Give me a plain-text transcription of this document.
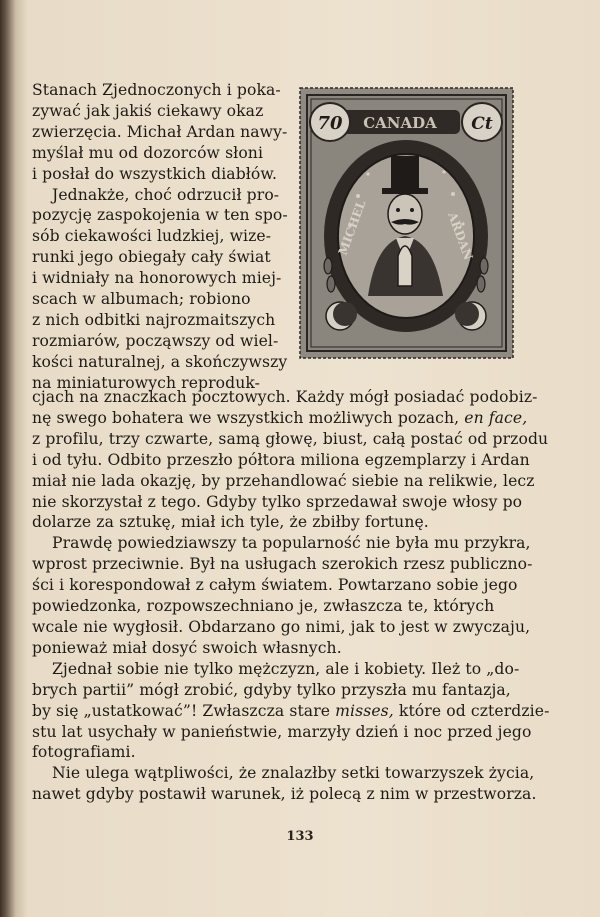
CANADA
70	Ct
MICHEL	ARDAN
Stanach Zjednoczonych i poka-
zywać jak jakiś ciekawy okaz
zwierzęcia. Michał Ardan nawy-
myślał mu od dozorców słoni
i posłał do wszystkich diabłów.
Jednakże, choć odrzucił pro-
pozycję zaspokojenia w ten spo-
sób ciekawości ludzkiej, wize-
runki jego obiegały cały świat
i widniały na honorowych miej-
scach w albumach; robiono
z nich odbitki najrozmaitszych
rozmiarów, począwszy od wiel-
kości naturalnej, a skończywszy
na miniaturowych reproduk-
cjach na znaczkach pocztowych. Każdy mógł posiadać podobiz-
nę swego bohatera we wszystkich możliwych pozach, en face,
z profilu, trzy czwarte, samą głowę, biust, całą postać od przodu
i od tyłu. Odbito przeszło półtora miliona egzemplarzy i Ardan
miał nie lada okazję, by przehandlować siebie na relikwie, lecz
nie skorzystał z tego. Gdyby tylko sprzedawał swoje włosy po
dolarze za sztukę, miał ich tyle, że zbiłby fortunę.
Prawdę powiedziawszy ta popularność nie była mu przykra,
wprost przeciwnie. Był na usługach szerokich rzesz publiczno-
ści i korespondował z całym światem. Powtarzano sobie jego
powiedzonka, rozpowszechniano je, zwłaszcza te, których
wcale nie wygłosił. Obdarzano go nimi, jak to jest w zwyczaju,
ponieważ miał dosyć swoich własnych.
Zjednał sobie nie tylko mężczyzn, ale i kobiety. Ileż to „do-
brych partii” mógł zrobić, gdyby tylko przyszła mu fantazja,
by się „ustatkować”! Zwłaszcza stare misses, które od czterdzie-
stu lat usychały w panieństwie, marzyły dzień i noc przed jego
fotografiami.
Nie ulega wątpliwości, że znalazłby setki towarzyszek życia,
nawet gdyby postawił warunek, iż polecą z nim w przestworza.
133
